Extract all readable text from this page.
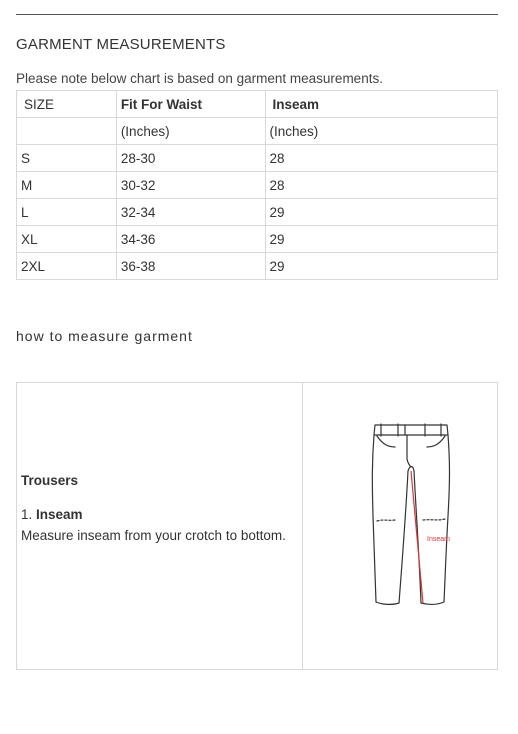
GARMENT MEASUREMENTS
Please note below chart is based on garment measurements.
SIZE	Fit For Waist	Inseam
	(Inches)	(Inches)
S	28-30	28
M	30-32	28
L	32-34	29
XL	34-36	29
2XL	36-38	29
how to measure garment
Trousers
1. Inseam
Measure inseam from your crotch to bottom.	Inseam
